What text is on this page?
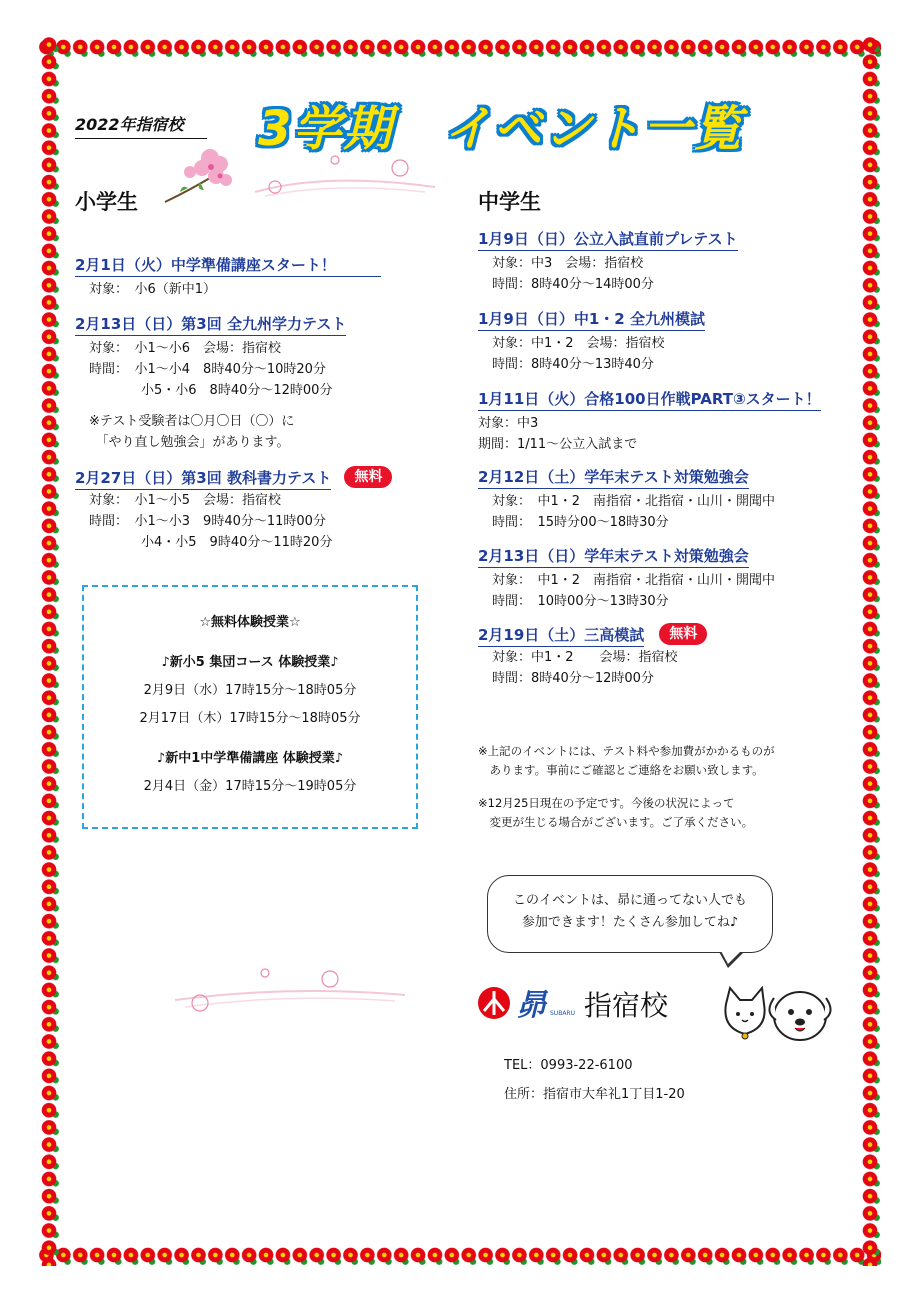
2022年指宿校	3学期　イベント一覧
小学生
2月1日（火）中学準備講座スタート！
対象：　小6（新中1）
2月13日（日）第3回 全九州学力テスト
対象：　小1～小6　会場：指宿校
時間：　小1～小4　8時40分～10時20分
　　　　小5・小6　8時40分～12時00分
※テスト受験者は〇月〇日（〇）に
　「やり直し勉強会」があります。
2月27日（日）第3回 教科書力テスト 無料
対象：　小1～小5　会場：指宿校
時間：　小1～小3　9時40分～11時00分
　　　　小4・小5　9時40分～11時20分
☆無料体験授業☆
♪新小5 集団コース 体験授業♪
2月9日（水）17時15分～18時05分
2月17日（木）17時15分～18時05分
♪新中1中学準備講座 体験授業♪
2月4日（金）17時15分～19時05分
中学生
1月9日（日）公立入試直前プレテスト
対象：中3　会場：指宿校
時間：8時40分～14時00分
1月9日（日）中1・2 全九州模試
対象：中1・2　会場：指宿校
時間：8時40分～13時40分
1月11日（火）合格100日作戦PART③スタート！
対象：中3
期間：1/11～公立入試まで
2月12日（土）学年末テスト対策勉強会
対象：　中1・2　南指宿・北指宿・山川・開聞中
時間：　15時分00～18時30分
2月13日（日）学年末テスト対策勉強会
対象：　中1・2　南指宿・北指宿・山川・開聞中
時間：　10時00分～13時30分
2月19日（土）三高模試 無料
対象：中1・2　　会場：指宿校
時間：8時40分～12時00分
※上記のイベントには、テスト料や参加費がかかるものが
　あります。事前にご確認とご連絡をお願い致します。
※12月25日現在の予定です。今後の状況によって
　変更が生じる場合がございます。ご了承ください。
このイベントは、昴に通ってない人でも
参加できます！たくさん参加してね♪
昴 SUBARU 指宿校
TEL：0993-22-6100
住所：指宿市大牟礼1丁目1-20
